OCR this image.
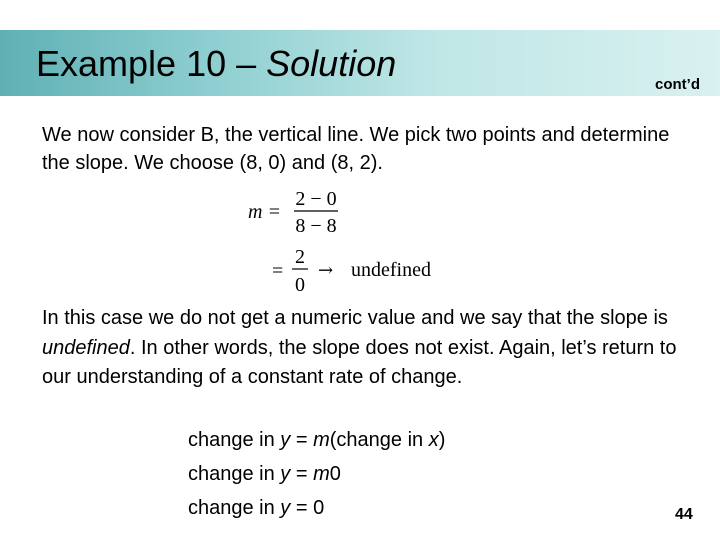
Example 10 – Solution
cont’d
We now consider B, the vertical line. We pick two points and determine the slope. We choose (8, 0) and (8, 2).
m =
2 − 0
8 − 8
=
2
0
→ undefined
In this case we do not get a numeric value and we say that the slope is undefined. In other words, the slope does not exist. Again, let’s return to our understanding of a constant rate of change.
change in y = m(change in x)
change in y = m0
change in y = 0	44
